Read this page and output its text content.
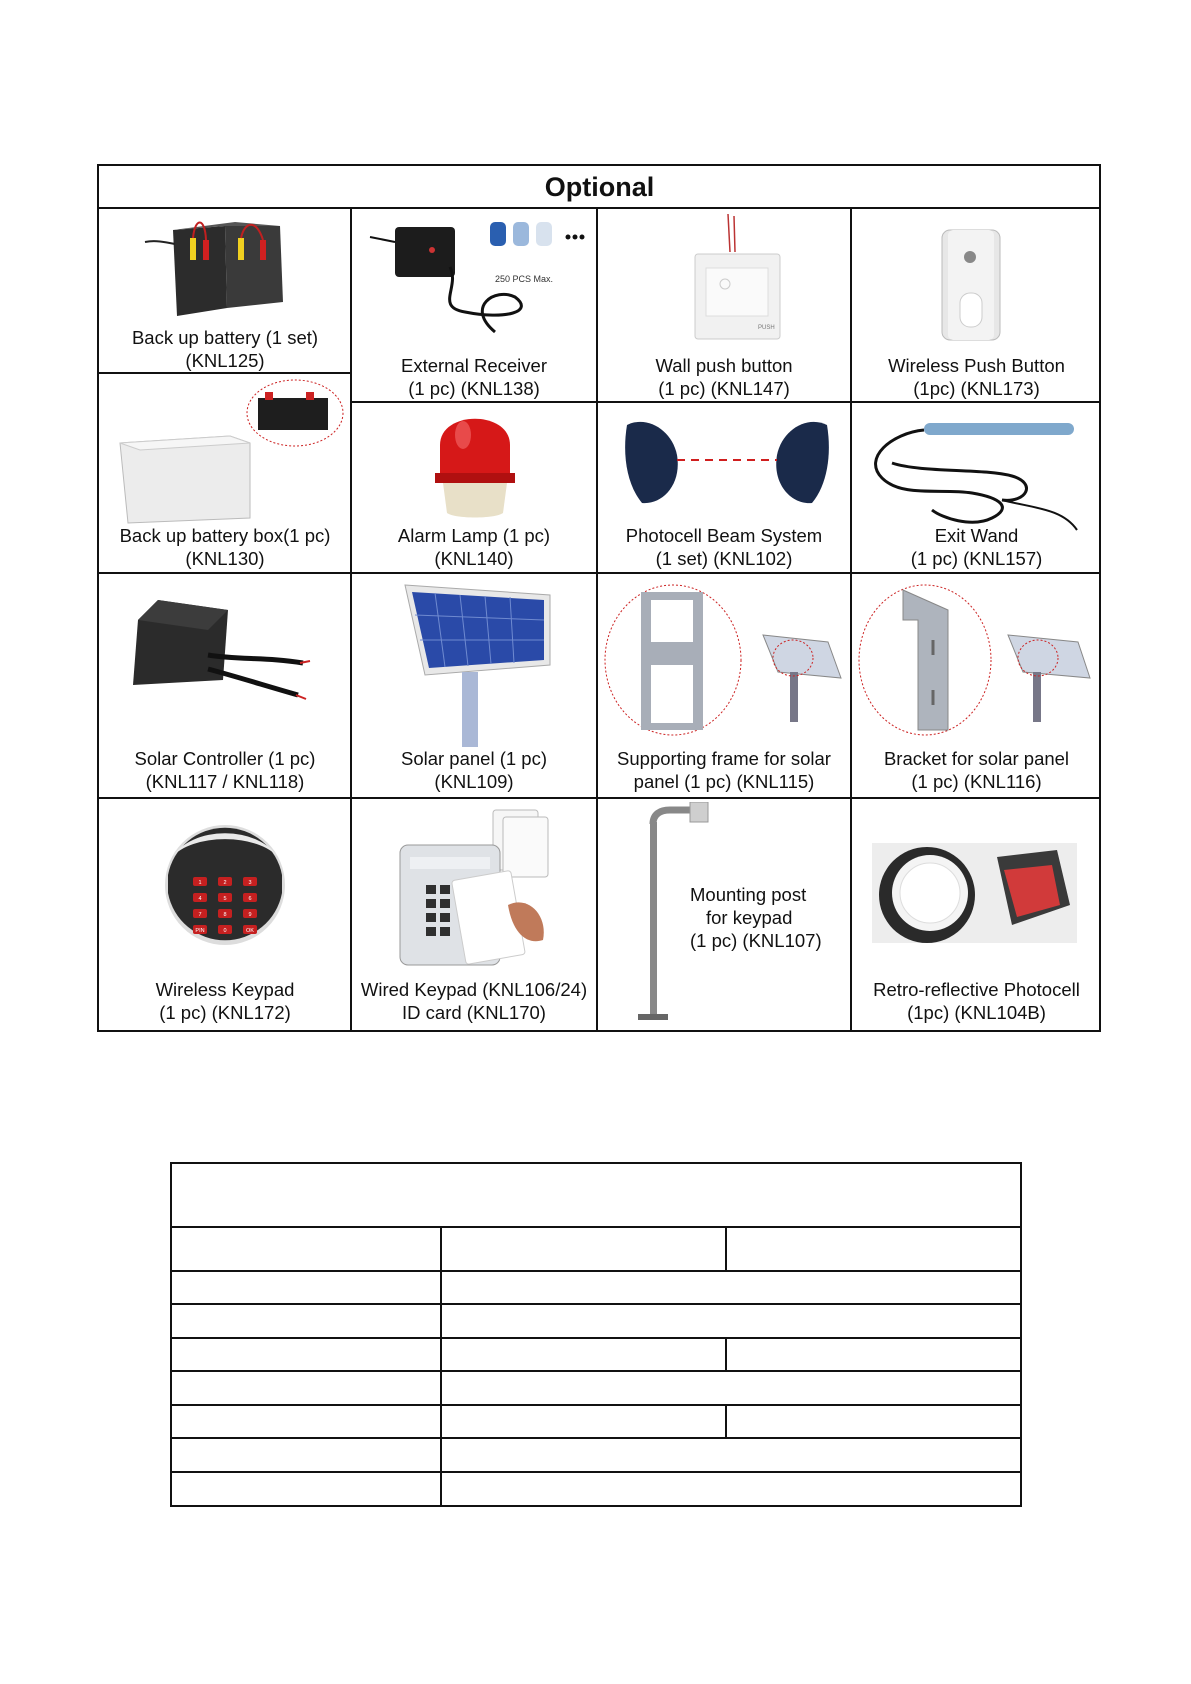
Optional
Back up battery (1 set)
(KNL125)
250 PCS Max.
External Receiver
(1 pc) (KNL138)
PUSH
Wall push button
(1 pc) (KNL147)
Wireless Push Button
(1pc) (KNL173)
Back up battery box(1 pc)
(KNL130)
Alarm Lamp (1 pc)
(KNL140)
Photocell Beam System
(1 set) (KNL102)
Exit Wand
(1 pc) (KNL157)
Solar Controller (1 pc)
(KNL117 / KNL118)
Solar panel (1 pc)
(KNL109)
Supporting frame for solar
panel (1 pc) (KNL115)
Bracket for solar panel
(1 pc) (KNL116)
1	2	3
4	5	6
7	8	9
PIN	0	OK
Wireless Keypad
(1 pc) (KNL172)
Wired Keypad (KNL106/24)
ID card (KNL170)
Mounting post
for keypad
(1 pc) (KNL107)
Retro-reflective Photocell
(1pc) (KNL104B)
